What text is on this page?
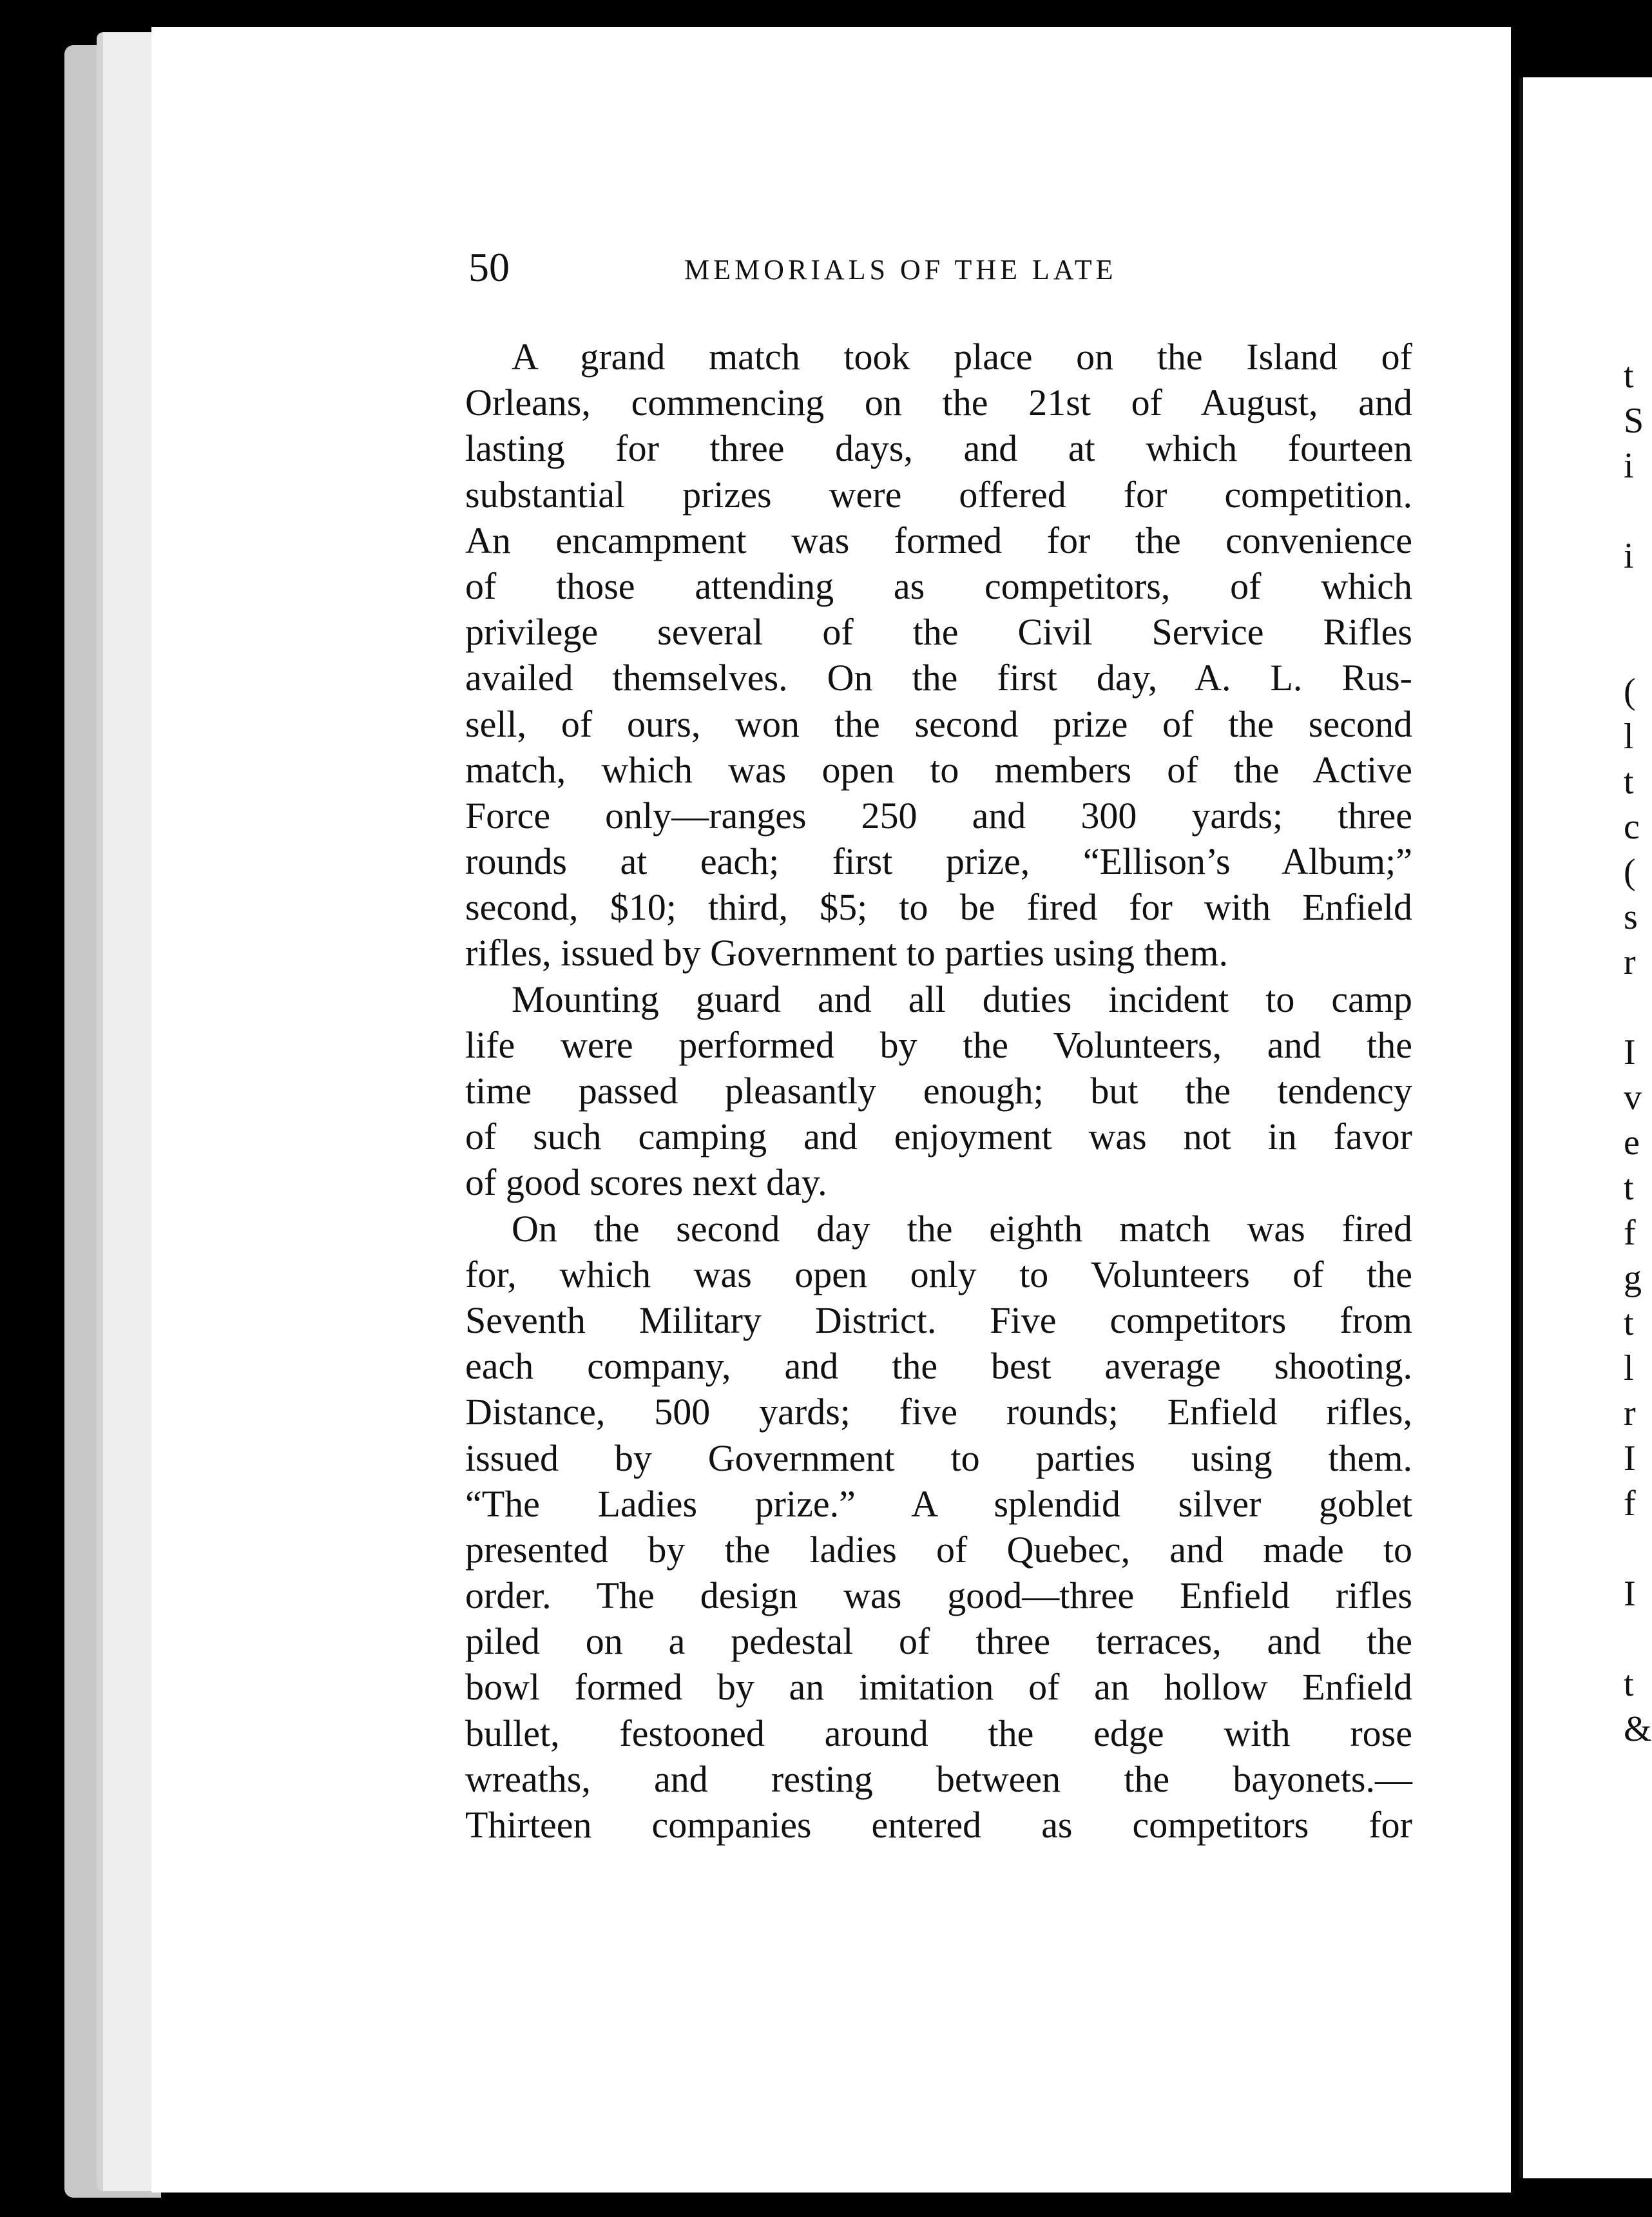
t
S
i
i
(
l
t
c
(
s
r
I
v
e
t
f
g
t
l
r
I
f
I
t
&
50	MEMORIALS OF THE LATE
A grand match took place on the Island of
Orleans, commencing on the 21st of August, and
lasting for three days, and at which fourteen
substantial prizes were offered for competition.
An encampment was formed for the convenience
of those attending as competitors, of which
privilege several of the Civil Service Rifles
availed themselves. On the first day, A. L. Rus-
sell, of ours, won the second prize of the second
match, which was open to members of the Active
Force only—ranges 250 and 300 yards; three
rounds at each; first prize, “Ellison’s Album;”
second, $10; third, $5; to be fired for with Enfield
rifles, issued by Government to parties using them.
Mounting guard and all duties incident to camp
life were performed by the Volunteers, and the
time passed pleasantly enough; but the tendency
of such camping and enjoyment was not in favor
of good scores next day.
On the second day the eighth match was fired
for, which was open only to Volunteers of the
Seventh Military District. Five competitors from
each company, and the best average shooting.
Distance, 500 yards; five rounds; Enfield rifles,
issued by Government to parties using them.
“The Ladies prize.” A splendid silver goblet
presented by the ladies of Quebec, and made to
order. The design was good—three Enfield rifles
piled on a pedestal of three terraces, and the
bowl formed by an imitation of an hollow Enfield
bullet, festooned around the edge with rose
wreaths, and resting between the bayonets.—
Thirteen companies entered as competitors for
